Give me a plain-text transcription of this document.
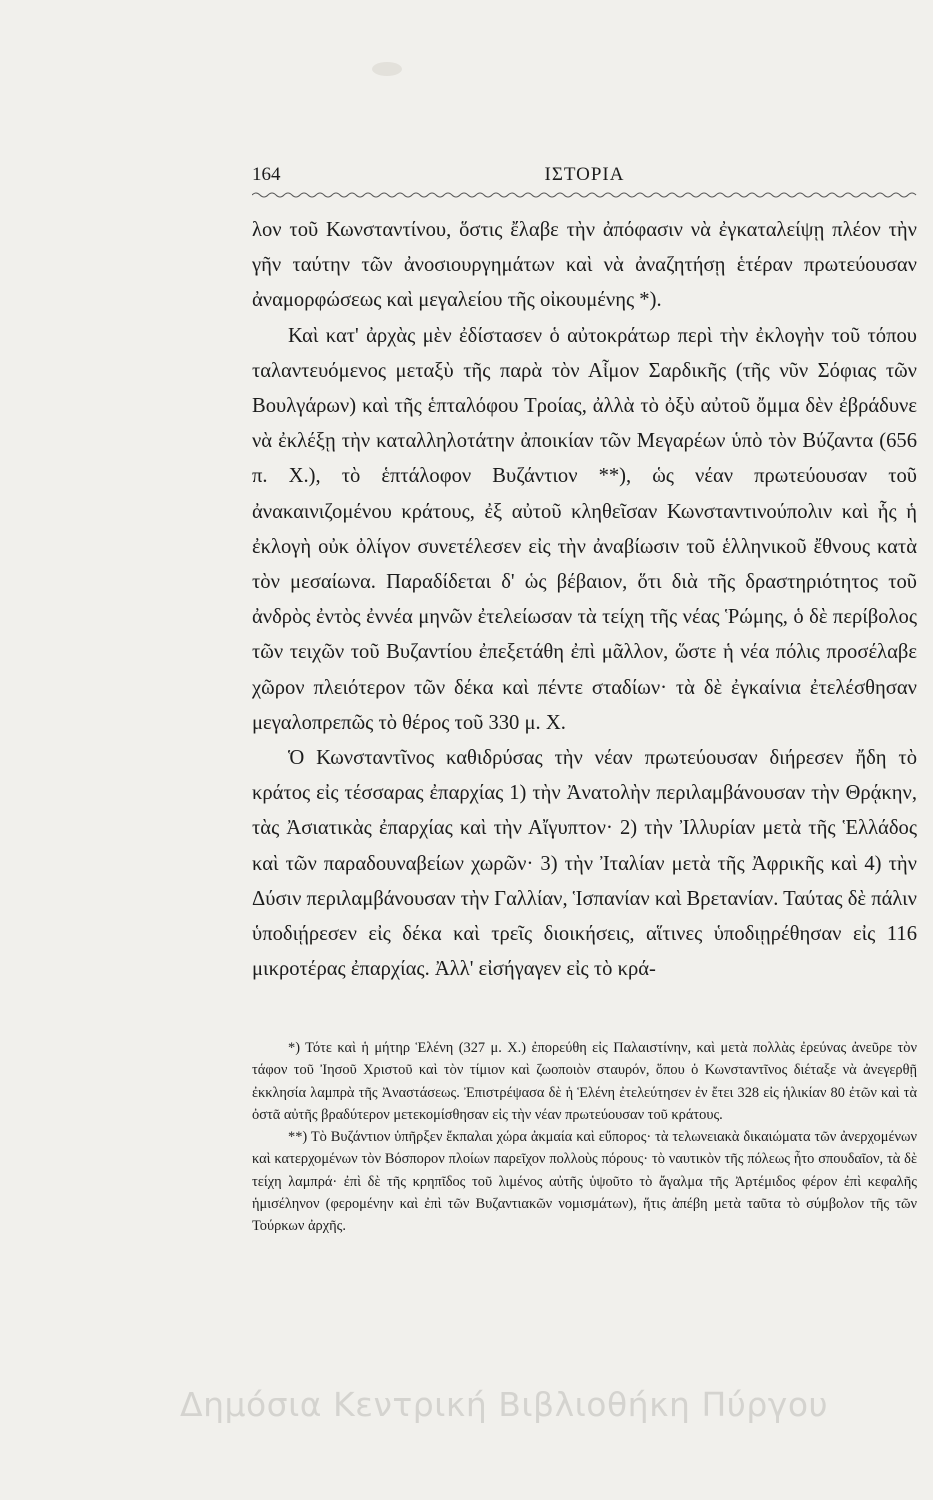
164	ΙΣΤΟΡΙΑ

λον τοῦ Κωνσταντίνου, ὅστις ἔλαβε τὴν ἀπόφασιν νὰ ἐγκαταλείψῃ πλέον τὴν γῆν ταύτην τῶν ἀνοσιουργημάτων καὶ νὰ ἀναζητήσῃ ἑτέραν πρωτεύουσαν ἀναμορφώσεως καὶ μεγαλείου τῆς οἰκουμένης *).

Καὶ κατ' ἀρχὰς μὲν ἐδίστασεν ὁ αὐτοκράτωρ περὶ τὴν ἐκλογὴν τοῦ τόπου ταλαντευόμενος μεταξὺ τῆς παρὰ τὸν Αἷμον Σαρδικῆς (τῆς νῦν Σόφιας τῶν Βουλγάρων) καὶ τῆς ἑπταλόφου Τροίας, ἀλλὰ τὸ ὀξὺ αὐτοῦ ὄμμα δὲν ἐβράδυνε νὰ ἐκλέξῃ τὴν καταλληλοτάτην ἀποικίαν τῶν Μεγαρέων ὑπὸ τὸν Βύζαντα (656 π. Χ.), τὸ ἑπτάλοφον Βυζάντιον **), ὡς νέαν πρωτεύουσαν τοῦ ἀνακαινιζομένου κράτους, ἐξ αὐτοῦ κληθεῖσαν Κωνσταντινούπολιν καὶ ἧς ἡ ἐκλογὴ οὐκ ὀλίγον συνετέλεσεν εἰς τὴν ἀναβίωσιν τοῦ ἑλληνικοῦ ἔθνους κατὰ τὸν μεσαίωνα. Παραδίδεται δ' ὡς βέβαιον, ὅτι διὰ τῆς δραστηριότητος τοῦ ἀνδρὸς ἐντὸς ἐννέα μηνῶν ἐτελείωσαν τὰ τείχη τῆς νέας Ῥώμης, ὁ δὲ περίβολος τῶν τειχῶν τοῦ Βυζαντίου ἐπεξετάθη ἐπὶ μᾶλλον, ὥστε ἡ νέα πόλις προσέλαβε χῶρον πλειότερον τῶν δέκα καὶ πέντε σταδίων· τὰ δὲ ἐγκαίνια ἐτελέσθησαν μεγαλοπρεπῶς τὸ θέρος τοῦ 330 μ. Χ.

Ὁ Κωνσταντῖνος καθιδρύσας τὴν νέαν πρωτεύουσαν διήρεσεν ἤδη τὸ κράτος εἰς τέσσαρας ἐπαρχίας 1) τὴν Ἀνατολὴν περιλαμβάνουσαν τὴν Θρᾴκην, τὰς Ἀσιατικὰς ἐπαρχίας καὶ τὴν Αἴγυπτον· 2) τὴν Ἰλλυρίαν μετὰ τῆς Ἑλλάδος καὶ τῶν παραδουναβείων χωρῶν· 3) τὴν Ἰταλίαν μετὰ τῆς Ἀφρικῆς καὶ 4) τὴν Δύσιν περιλαμβάνουσαν τὴν Γαλλίαν, Ἱσπανίαν καὶ Βρετανίαν. Ταύτας δὲ πάλιν ὑποδιῄρεσεν εἰς δέκα καὶ τρεῖς διοικήσεις, αἵτινες ὑποδιῃρέθησαν εἰς 116 μικροτέρας ἐπαρχίας. Ἀλλ' εἰσήγαγεν εἰς τὸ κρά-

*) Τότε καὶ ἡ μήτηρ Ἑλένη (327 μ. Χ.) ἐπορεύθη εἰς Παλαιστίνην, καὶ μετὰ πολλὰς ἐρεύνας ἀνεῦρε τὸν τάφον τοῦ Ἰησοῦ Χριστοῦ καὶ τὸν τίμιον καὶ ζωοποιὸν σταυρόν, ὅπου ὁ Κωνσταντῖνος διέταξε νὰ ἀνεγερθῇ ἐκκλησία λαμπρὰ τῆς Ἀναστάσεως. Ἐπιστρέψασα δὲ ἡ Ἑλένη ἐτελεύτησεν ἐν ἔτει 328 εἰς ἡλικίαν 80 ἐτῶν καὶ τὰ ὀστᾶ αὐτῆς βραδύτερον μετεκομίσθησαν εἰς τὴν νέαν πρωτεύουσαν τοῦ κράτους.

**) Τὸ Βυζάντιον ὑπῆρξεν ἔκπαλαι χώρα ἀκμαία καὶ εὔπορος· τὰ τελωνειακὰ δικαιώματα τῶν ἀνερχομένων καὶ κατερχομένων τὸν Βόσπορον πλοίων παρεῖχον πολλοὺς πόρους· τὸ ναυτικὸν τῆς πόλεως ἦτο σπουδαῖον, τὰ δὲ τείχη λαμπρά· ἐπὶ δὲ τῆς κρηπῖδος τοῦ λιμένος αὐτῆς ὑψοῦτο τὸ ἄγαλμα τῆς Ἀρτέμιδος φέρον ἐπὶ κεφαλῆς ἡμισέληνον (φερομένην καὶ ἐπὶ τῶν Βυζαντιακῶν νομισμάτων), ἥτις ἀπέβη μετὰ ταῦτα τὸ σύμβολον τῆς τῶν Τούρκων ἀρχῆς.

Δημόσια Κεντρική Βιβλιοθήκη Πύργου
